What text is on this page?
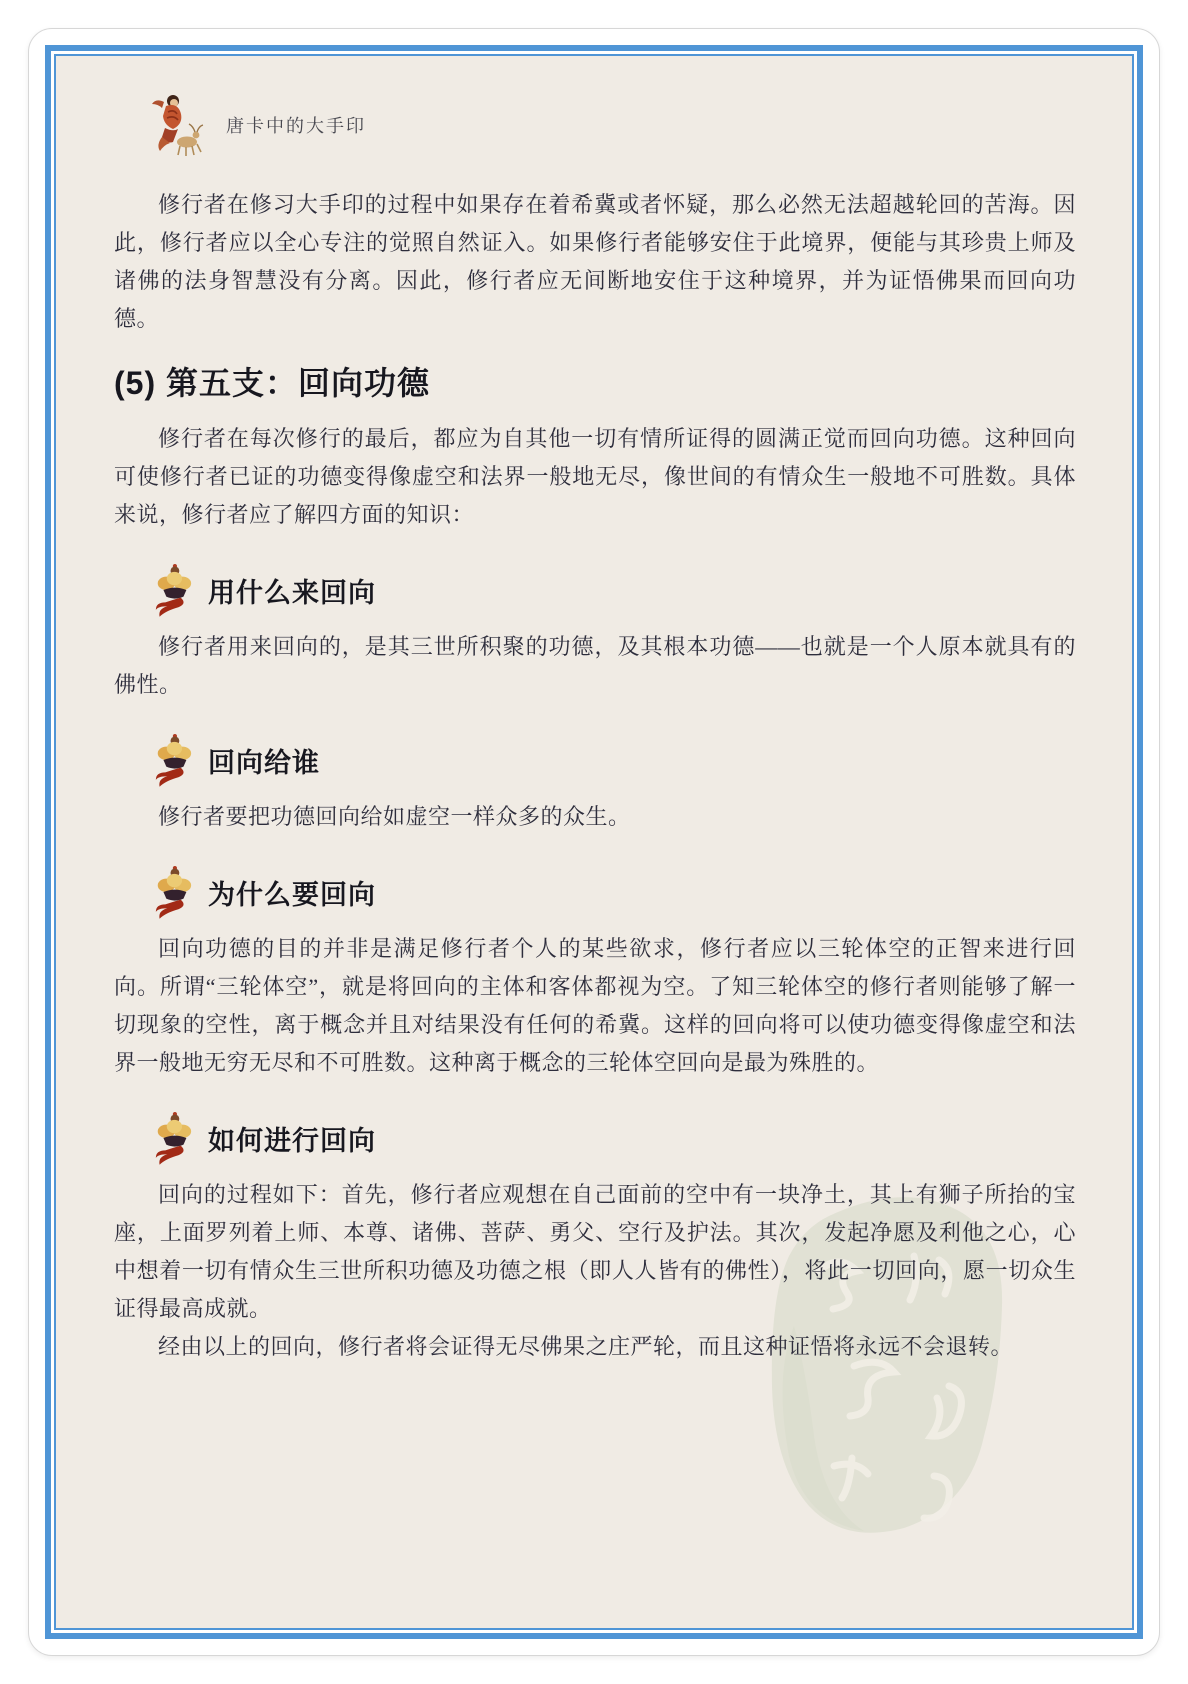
唐卡中的大手印

修行者在修习大手印的过程中如果存在着希冀或者怀疑，那么必然无法超越轮回的苦海。因此，修行者应以全心专注的觉照自然证入。如果修行者能够安住于此境界，便能与其珍贵上师及诸佛的法身智慧没有分离。因此，修行者应无间断地安住于这种境界，并为证悟佛果而回向功德。

(5) 第五支：回向功德

修行者在每次修行的最后，都应为自其他一切有情所证得的圆满正觉而回向功德。这种回向可使修行者已证的功德变得像虚空和法界一般地无尽，像世间的有情众生一般地不可胜数。具体来说，修行者应了解四方面的知识：

用什么来回向

修行者用来回向的，是其三世所积聚的功德，及其根本功德——也就是一个人原本就具有的佛性。

回向给谁

修行者要把功德回向给如虚空一样众多的众生。

为什么要回向

回向功德的目的并非是满足修行者个人的某些欲求，修行者应以三轮体空的正智来进行回向。所谓“三轮体空”，就是将回向的主体和客体都视为空。了知三轮体空的修行者则能够了解一切现象的空性，离于概念并且对结果没有任何的希冀。这样的回向将可以使功德变得像虚空和法界一般地无穷无尽和不可胜数。这种离于概念的三轮体空回向是最为殊胜的。

如何进行回向

回向的过程如下：首先，修行者应观想在自己面前的空中有一块净土，其上有狮子所抬的宝座，上面罗列着上师、本尊、诸佛、菩萨、勇父、空行及护法。其次，发起净愿及利他之心，心中想着一切有情众生三世所积功德及功德之根（即人人皆有的佛性），将此一切回向，愿一切众生证得最高成就。

经由以上的回向，修行者将会证得无尽佛果之庄严轮，而且这种证悟将永远不会退转。
